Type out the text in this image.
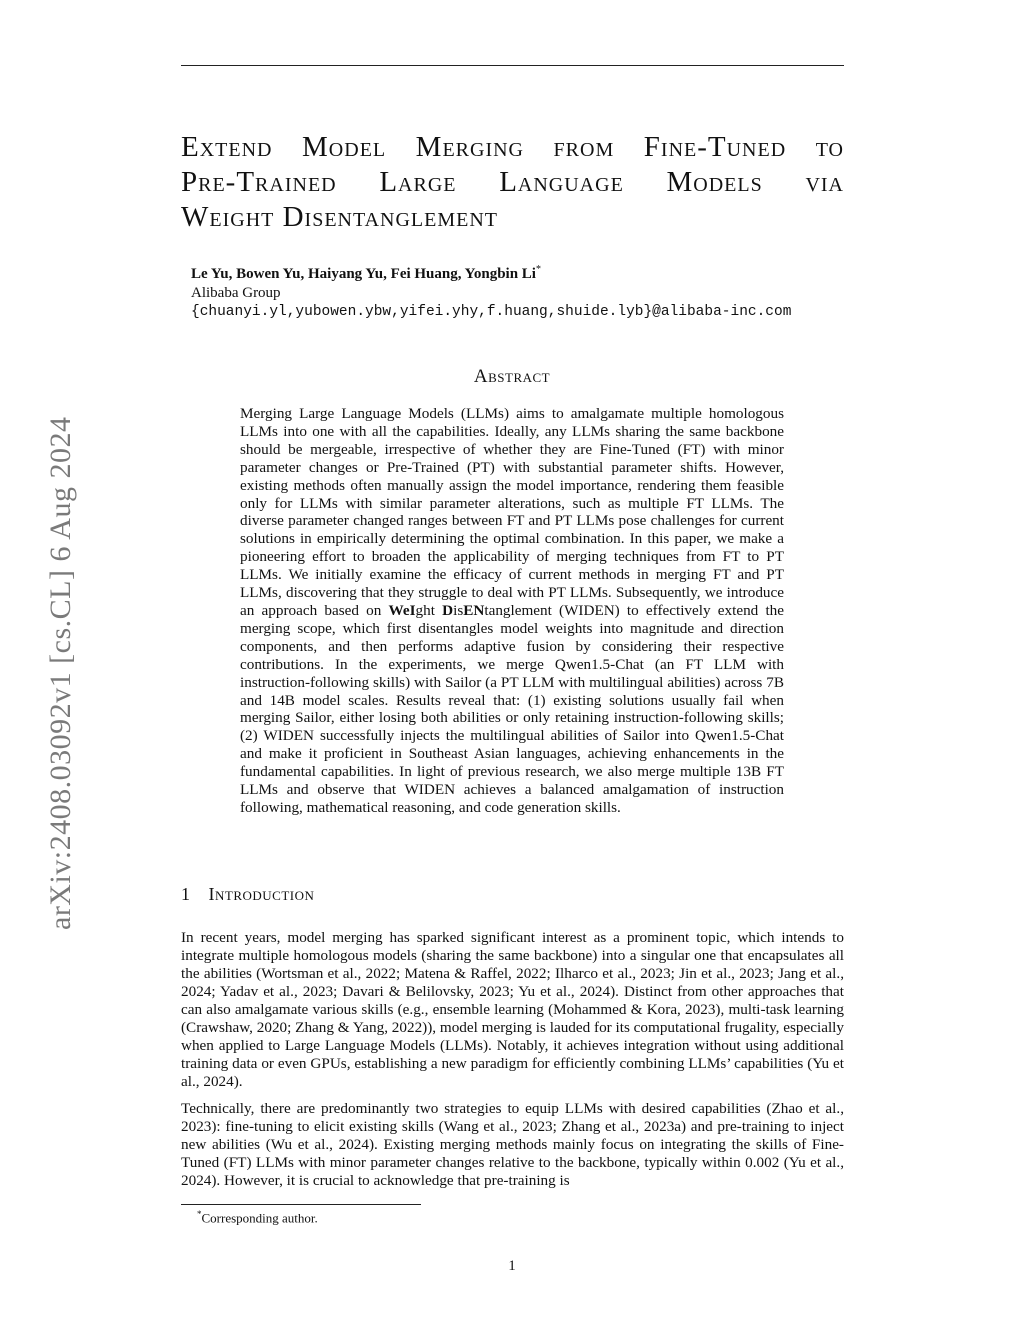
arXiv:2408.03092v1 [cs.CL] 6 Aug 2024
Extend Model Merging from Fine-Tuned to
Pre-Trained Large Language Models via
Weight Disentanglement
Le Yu, Bowen Yu, Haiyang Yu, Fei Huang, Yongbin Li*
Alibaba Group
{chuanyi.yl,yubowen.ybw,yifei.yhy,f.huang,shuide.lyb}@alibaba-inc.com
Abstract
Merging Large Language Models (LLMs) aims to amalgamate multiple homologous LLMs into one with all the capabilities. Ideally, any LLMs sharing the same backbone should be mergeable, irrespective of whether they are Fine-Tuned (FT) with minor parameter changes or Pre-Trained (PT) with substantial parameter shifts. However, existing methods often manually assign the model importance, rendering them feasible only for LLMs with similar parameter alterations, such as multiple FT LLMs. The diverse parameter changed ranges between FT and PT LLMs pose challenges for current solutions in empirically determining the optimal combination. In this paper, we make a pioneering effort to broaden the applicability of merging techniques from FT to PT LLMs. We initially examine the efficacy of current methods in merging FT and PT LLMs, discovering that they struggle to deal with PT LLMs. Subsequently, we introduce an approach based on WeIght DisENtanglement (WIDEN) to effectively extend the merging scope, which first disentangles model weights into magnitude and direction components, and then performs adaptive fusion by considering their respective contributions. In the experiments, we merge Qwen1.5-Chat (an FT LLM with instruction-following skills) with Sailor (a PT LLM with multilingual abilities) across 7B and 14B model scales. Results reveal that: (1) existing solutions usually fail when merging Sailor, either losing both abilities or only retaining instruction-following skills; (2) WIDEN successfully injects the multilingual abilities of Sailor into Qwen1.5-Chat and make it proficient in Southeast Asian languages, achieving enhancements in the fundamental capabilities. In light of previous research, we also merge multiple 13B FT LLMs and observe that WIDEN achieves a balanced amalgamation of instruction following, mathematical reasoning, and code generation skills.
1 Introduction

In recent years, model merging has sparked significant interest as a prominent topic, which intends to integrate multiple homologous models (sharing the same backbone) into a singular one that encapsulates all the abilities (Wortsman et al., 2022; Matena & Raffel, 2022; Ilharco et al., 2023; Jin et al., 2023; Jang et al., 2024; Yadav et al., 2023; Davari & Belilovsky, 2023; Yu et al., 2024). Distinct from other approaches that can also amalgamate various skills (e.g., ensemble learning (Mohammed & Kora, 2023), multi-task learning (Crawshaw, 2020; Zhang & Yang, 2022)), model merging is lauded for its computational frugality, especially when applied to Large Language Models (LLMs). Notably, it achieves integration without using additional training data or even GPUs, establishing a new paradigm for efficiently combining LLMs’ capabilities (Yu et al., 2024).

Technically, there are predominantly two strategies to equip LLMs with desired capabilities (Zhao et al., 2023): fine-tuning to elicit existing skills (Wang et al., 2023; Zhang et al., 2023a) and pre-training to inject new abilities (Wu et al., 2024). Existing merging methods mainly focus on integrating the skills of Fine-Tuned (FT) LLMs with minor parameter changes relative to the backbone, typically within 0.002 (Yu et al., 2024). However, it is crucial to acknowledge that pre-training is

*Corresponding author.
1
